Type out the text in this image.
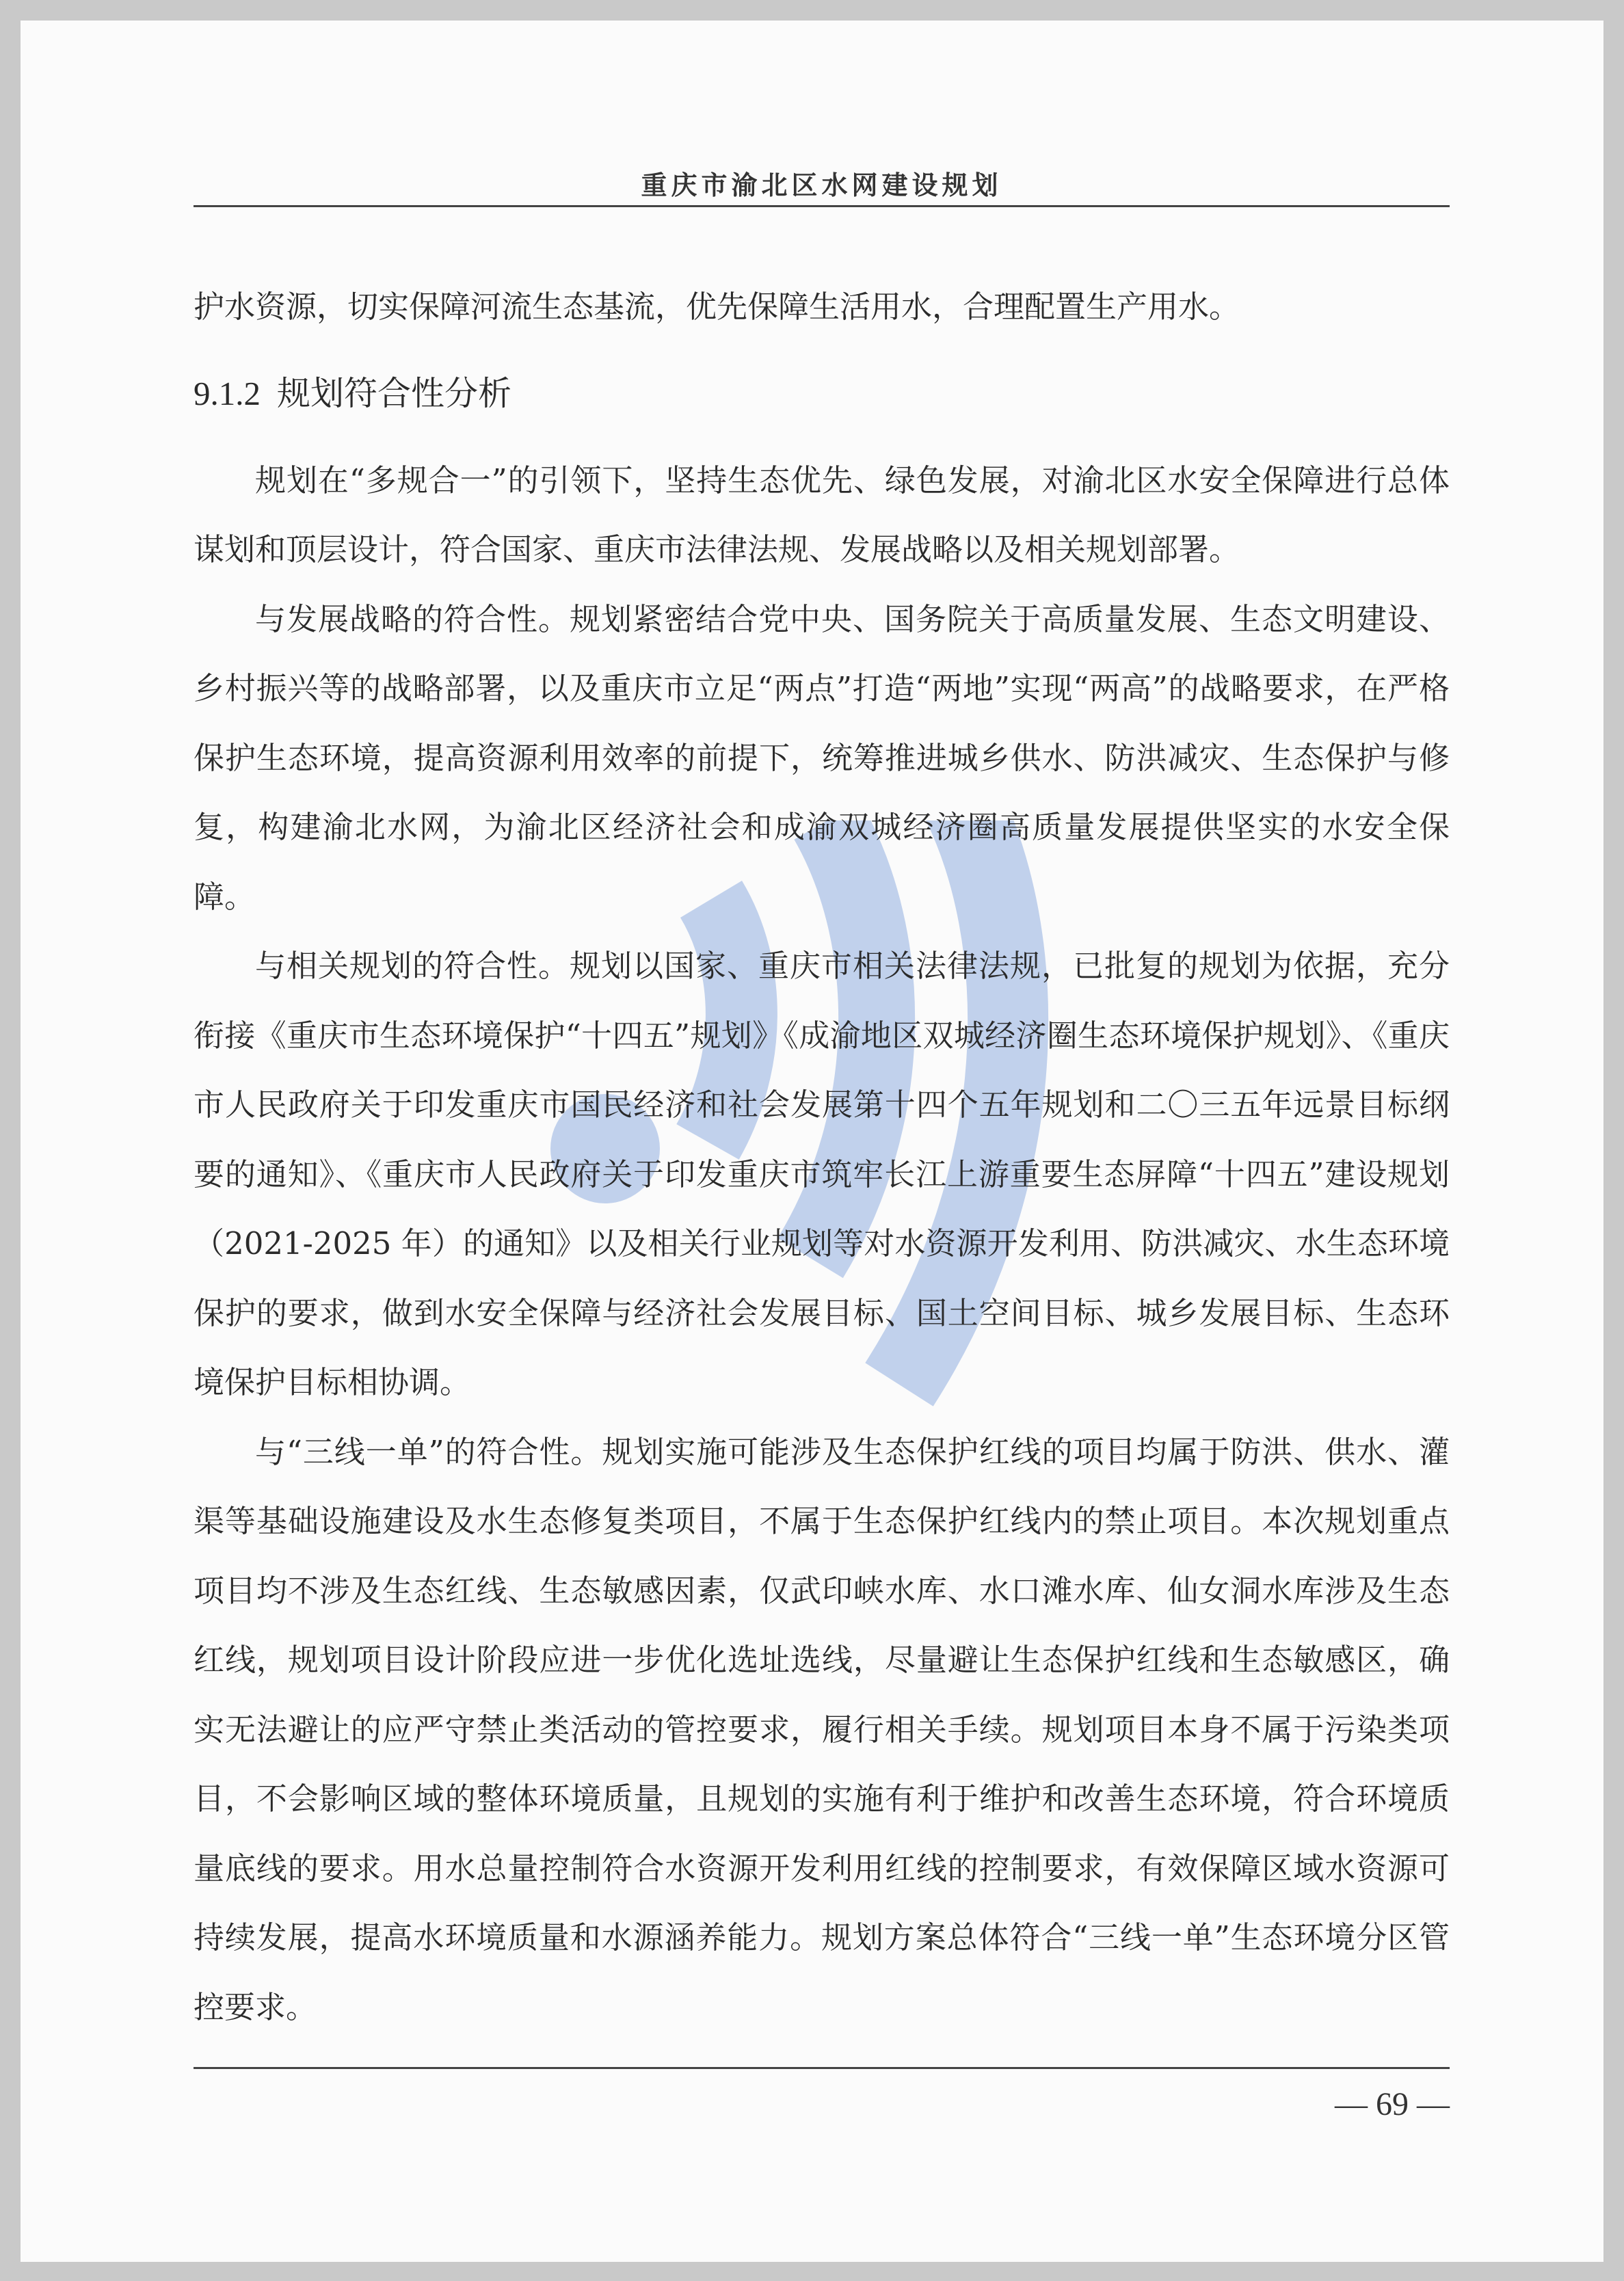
重庆市渝北区水网建设规划

护水资源，切实保障河流生态基流，优先保障生活用水，合理配置生产用水。

9.1.2 规划符合性分析

规划在“多规合一”的引领下，坚持生态优先、绿色发展，对渝北区水安全保障进行总体谋划和顶层设计，符合国家、重庆市法律法规、发展战略以及相关规划部署。

与发展战略的符合性。规划紧密结合党中央、国务院关于高质量发展、生态文明建设、乡村振兴等的战略部署，以及重庆市立足“两点”打造“两地”实现“两高”的战略要求，在严格保护生态环境，提高资源利用效率的前提下，统筹推进城乡供水、防洪减灾、生态保护与修复，构建渝北水网，为渝北区经济社会和成渝双城经济圈高质量发展提供坚实的水安全保障。

与相关规划的符合性。规划以国家、重庆市相关法律法规，已批复的规划为依据，充分衔接《重庆市生态环境保护“十四五”规划》《成渝地区双城经济圈生态环境保护规划》、《重庆市人民政府关于印发重庆市国民经济和社会发展第十四个五年规划和二〇三五年远景目标纲要的通知》、《重庆市人民政府关于印发重庆市筑牢长江上游重要生态屏障“十四五”建设规划（2021-2025 年）的通知》以及相关行业规划等对水资源开发利用、防洪减灾、水生态环境保护的要求，做到水安全保障与经济社会发展目标、国土空间目标、城乡发展目标、生态环境保护目标相协调。

与“三线一单”的符合性。规划实施可能涉及生态保护红线的项目均属于防洪、供水、灌渠等基础设施建设及水生态修复类项目，不属于生态保护红线内的禁止项目。本次规划重点项目均不涉及生态红线、生态敏感因素，仅武印峡水库、水口滩水库、仙女洞水库涉及生态红线，规划项目设计阶段应进一步优化选址选线，尽量避让生态保护红线和生态敏感区，确实无法避让的应严守禁止类活动的管控要求，履行相关手续。规划项目本身不属于污染类项目，不会影响区域的整体环境质量，且规划的实施有利于维护和改善生态环境，符合环境质量底线的要求。用水总量控制符合水资源开发利用红线的控制要求，有效保障区域水资源可持续发展，提高水环境质量和水源涵养能力。规划方案总体符合“三线一单”生态环境分区管控要求。

— 69 —
